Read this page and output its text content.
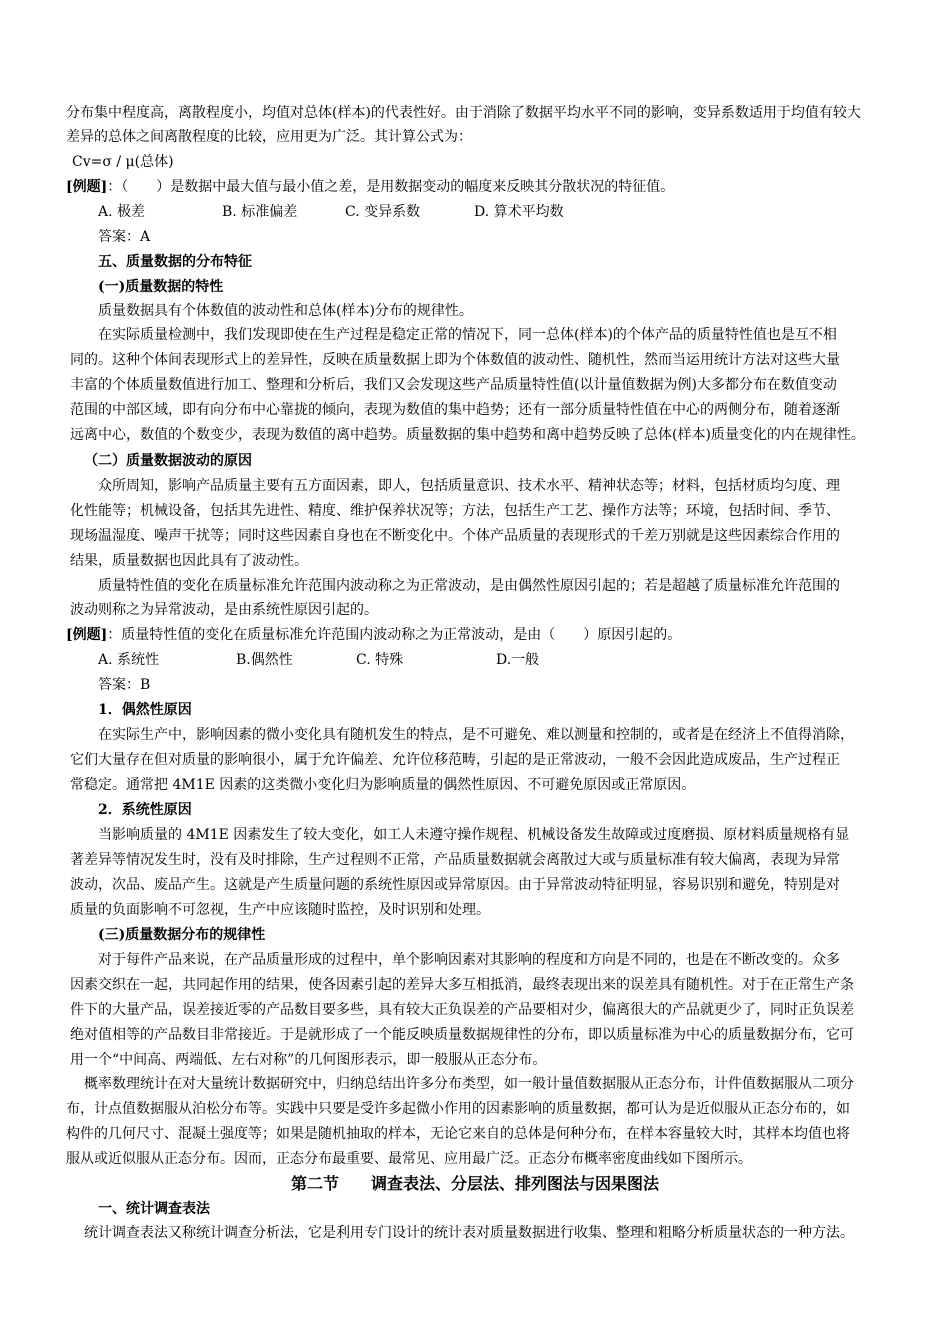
分布集中程度高，离散程度小，均值对总体(样本)的代表性好。由于消除了数据平均水平不同的影响，变异系数适用于均值有较大
差异的总体之间离散程度的比较，应用更为广泛。其计算公式为：
Cv=σ / μ(总体)
[例题]：（　　）是数据中最大值与最小值之差，是用数据变动的幅度来反映其分散状况的特征值。
A. 极差	B. 标准偏差	C. 变异系数	D. 算术平均数
答案：A
五、质量数据的分布特征
(一)质量数据的特性
质量数据具有个体数值的波动性和总体(样本)分布的规律性。
在实际质量检测中，我们发现即使在生产过程是稳定正常的情况下，同一总体(样本)的个体产品的质量特性值也是互不相
同的。这种个体间表现形式上的差异性，反映在质量数据上即为个体数值的波动性、随机性，然而当运用统计方法对这些大量
丰富的个体质量数值进行加工、整理和分析后，我们又会发现这些产品质量特性值(以计量值数据为例)大多都分布在数值变动
范围的中部区域，即有向分布中心靠拢的倾向，表现为数值的集中趋势；还有一部分质量特性值在中心的两侧分布，随着逐渐
远离中心，数值的个数变少，表现为数值的离中趋势。质量数据的集中趋势和离中趋势反映了总体(样本)质量变化的内在规律性。
（二）质量数据波动的原因
众所周知，影响产品质量主要有五方面因素，即人，包括质量意识、技术水平、精神状态等；材料，包括材质均匀度、理
化性能等；机械设备，包括其先进性、精度、维护保养状况等；方法，包括生产工艺、操作方法等；环境，包括时间、季节、
现场温湿度、噪声干扰等；同时这些因素自身也在不断变化中。个体产品质量的表现形式的千差万别就是这些因素综合作用的
结果，质量数据也因此具有了波动性。
质量特性值的变化在质量标准允许范围内波动称之为正常波动，是由偶然性原因引起的；若是超越了质量标准允许范围的
波动则称之为异常波动，是由系统性原因引起的。
[例题]：质量特性值的变化在质量标准允许范围内波动称之为正常波动，是由（　　）原因引起的。
A. 系统性	B.偶然性	C. 特殊	D.一般
答案：B
1．偶然性原因
在实际生产中，影响因素的微小变化具有随机发生的特点，是不可避免、难以测量和控制的，或者是在经济上不值得消除，
它们大量存在但对质量的影响很小，属于允许偏差、允许位移范畴，引起的是正常波动，一般不会因此造成废品，生产过程正
常稳定。通常把 4M1E 因素的这类微小变化归为影响质量的偶然性原因、不可避免原因或正常原因。
2．系统性原因
当影响质量的 4M1E 因素发生了较大变化，如工人未遵守操作规程、机械设备发生故障或过度磨损、原材料质量规格有显
著差异等情况发生时，没有及时排除，生产过程则不正常，产品质量数据就会离散过大或与质量标准有较大偏离，表现为异常
波动，次品、废品产生。这就是产生质量问题的系统性原因或异常原因。由于异常波动特征明显，容易识别和避免，特别是对
质量的负面影响不可忽视，生产中应该随时监控，及时识别和处理。
(三)质量数据分布的规律性
对于每件产品来说，在产品质量形成的过程中，单个影响因素对其影响的程度和方向是不同的，也是在不断改变的。众多
因素交织在一起，共同起作用的结果，使各因素引起的差异大多互相抵消，最终表现出来的误差具有随机性。对于在正常生产条
件下的大量产品，误差接近零的产品数目要多些，具有较大正负误差的产品要相对少，偏离很大的产品就更少了，同时正负误差
绝对值相等的产品数目非常接近。于是就形成了一个能反映质量数据规律性的分布，即以质量标准为中心的质量数据分布，它可
用一个“中间高、两端低、左右对称”的几何图形表示，即一般服从正态分布。
概率数理统计在对大量统计数据研究中，归纳总结出许多分布类型，如一般计量值数据服从正态分布，计件值数据服从二项分
布，计点值数据服从泊松分布等。实践中只要是受许多起微小作用的因素影响的质量数据，都可认为是近似服从正态分布的，如
构件的几何尺寸、混凝土强度等；如果是随机抽取的样本，无论它来自的总体是何种分布，在样本容量较大时，其样本均值也将
服从或近似服从正态分布。因而，正态分布最重要、最常见、应用最广泛。正态分布概率密度曲线如下图所示。
第二节　　调查表法、分层法、排列图法与因果图法
一、统计调查表法
统计调查表法又称统计调查分析法，它是利用专门设计的统计表对质量数据进行收集、整理和粗略分析质量状态的一种方法。
